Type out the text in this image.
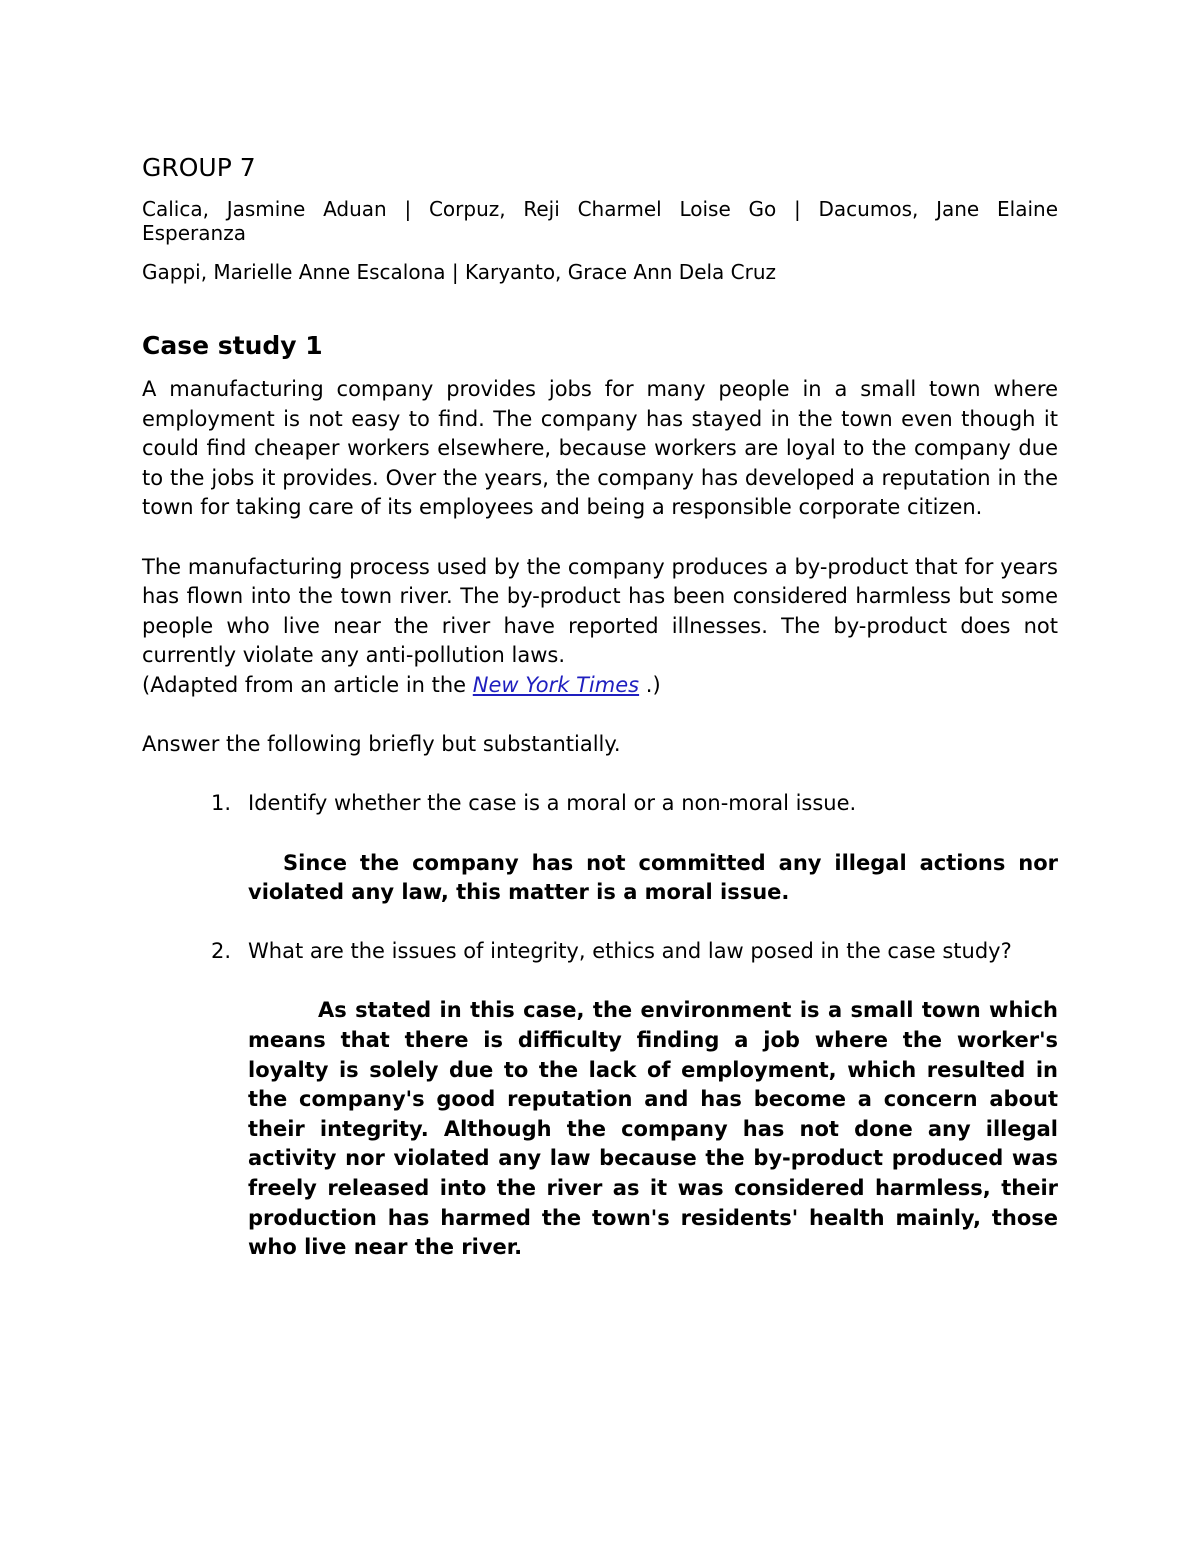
GROUP 7

Calica, Jasmine Aduan | Corpuz, Reji Charmel Loise Go | Dacumos, Jane Elaine Esperanza

Gappi, Marielle Anne Escalona | Karyanto, Grace Ann Dela Cruz

Case study 1

A manufacturing company provides jobs for many people in a small town where employment is not easy to find. The company has stayed in the town even though it could find cheaper workers elsewhere, because workers are loyal to the company due to the jobs it provides. Over the years, the company has developed a reputation in the town for taking care of its employees and being a responsible corporate citizen.

The manufacturing process used by the company produces a by-product that for years has flown into the town river. The by-product has been considered harmless but some people who live near the river have reported illnesses. The by-product does not currently violate any anti-pollution laws.

(Adapted from an article in the New York Times .)

Answer the following briefly but substantially.

1. Identify whether the case is a moral or a non-moral issue.

Since the company has not committed any illegal actions nor violated any law, this matter is a moral issue.

2. What are the issues of integrity, ethics and law posed in the case study?

As stated in this case, the environment is a small town which means that there is difficulty finding a job where the worker's loyalty is solely due to the lack of employment, which resulted in the company's good reputation and has become a concern about their integrity. Although the company has not done any illegal activity nor violated any law because the by-product produced was freely released into the river as it was considered harmless, their production has harmed the town's residents' health mainly, those who live near the river.
